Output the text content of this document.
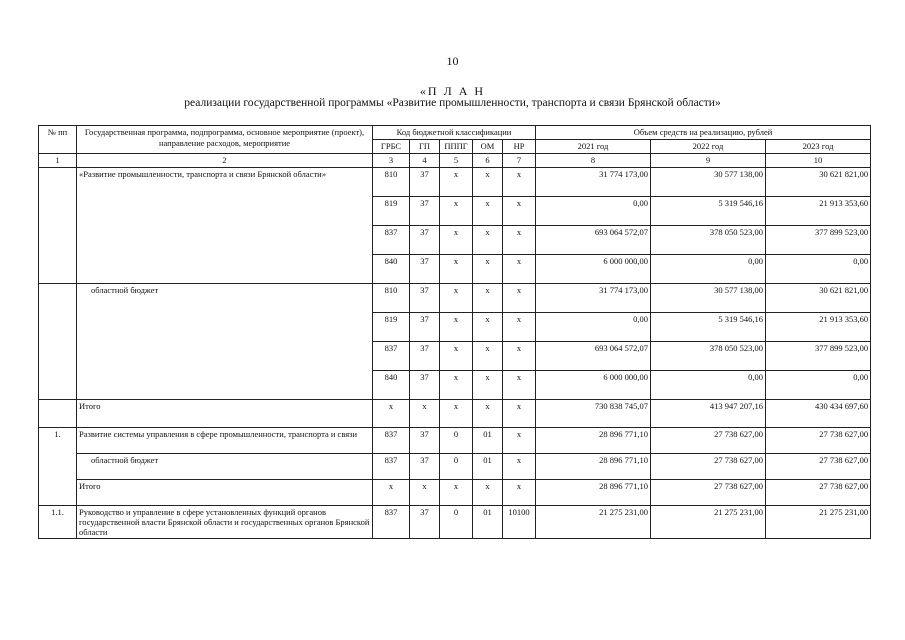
10
«П Л А Н
реализации государственной программы «Развитие промышленности, транспорта и связи Брянской области»
№ пп	Государственная программа, подпрограмма, основное мероприятие (проект), направление расходов, мероприятие	Код бюджетной классификации					Объем средств на реализацию, рублей		
		ГРБС	ГП	ПППГ	ОМ	НР	2021 год	2022 год	2023 год
1	2	3	4	5	6	7	8	9	10
	«Развитие промышленности, транспорта и связи Брянской области»	810	37	x	x	x	31 774 173,00	30 577 138,00	30 621 821,00
		819	37	x	x	x	0,00	5 319 546,16	21 913 353,60
		837	37	x	x	x	693 064 572,07	378 050 523,00	377 899 523,00
		840	37	x	x	x	6 000 000,00	0,00	0,00
	областной бюджет	810	37	x	x	x	31 774 173,00	30 577 138,00	30 621 821,00
		819	37	x	x	x	0,00	5 319 546,16	21 913 353,60
		837	37	x	x	x	693 064 572,07	378 050 523,00	377 899 523,00
		840	37	x	x	x	6 000 000,00	0,00	0,00
	Итого	x	x	x	x	x	730 838 745,07	413 947 207,16	430 434 697,60
1.	Развитие системы управления в сфере промышленности, транспорта и связи	837	37	0	01	x	28 896 771,10	27 738 627,00	27 738 627,00
	областной бюджет	837	37	0	01	x	28 896 771,10	27 738 627,00	27 738 627,00
	Итого	x	x	x	x	x	28 896 771,10	27 738 627,00	27 738 627,00
1.1.	Руководство и управление в сфере установленных функций органов государственной власти Брянской области и государственных органов Брянской области	837	37	0	01	10100	21 275 231,00	21 275 231,00	21 275 231,00
